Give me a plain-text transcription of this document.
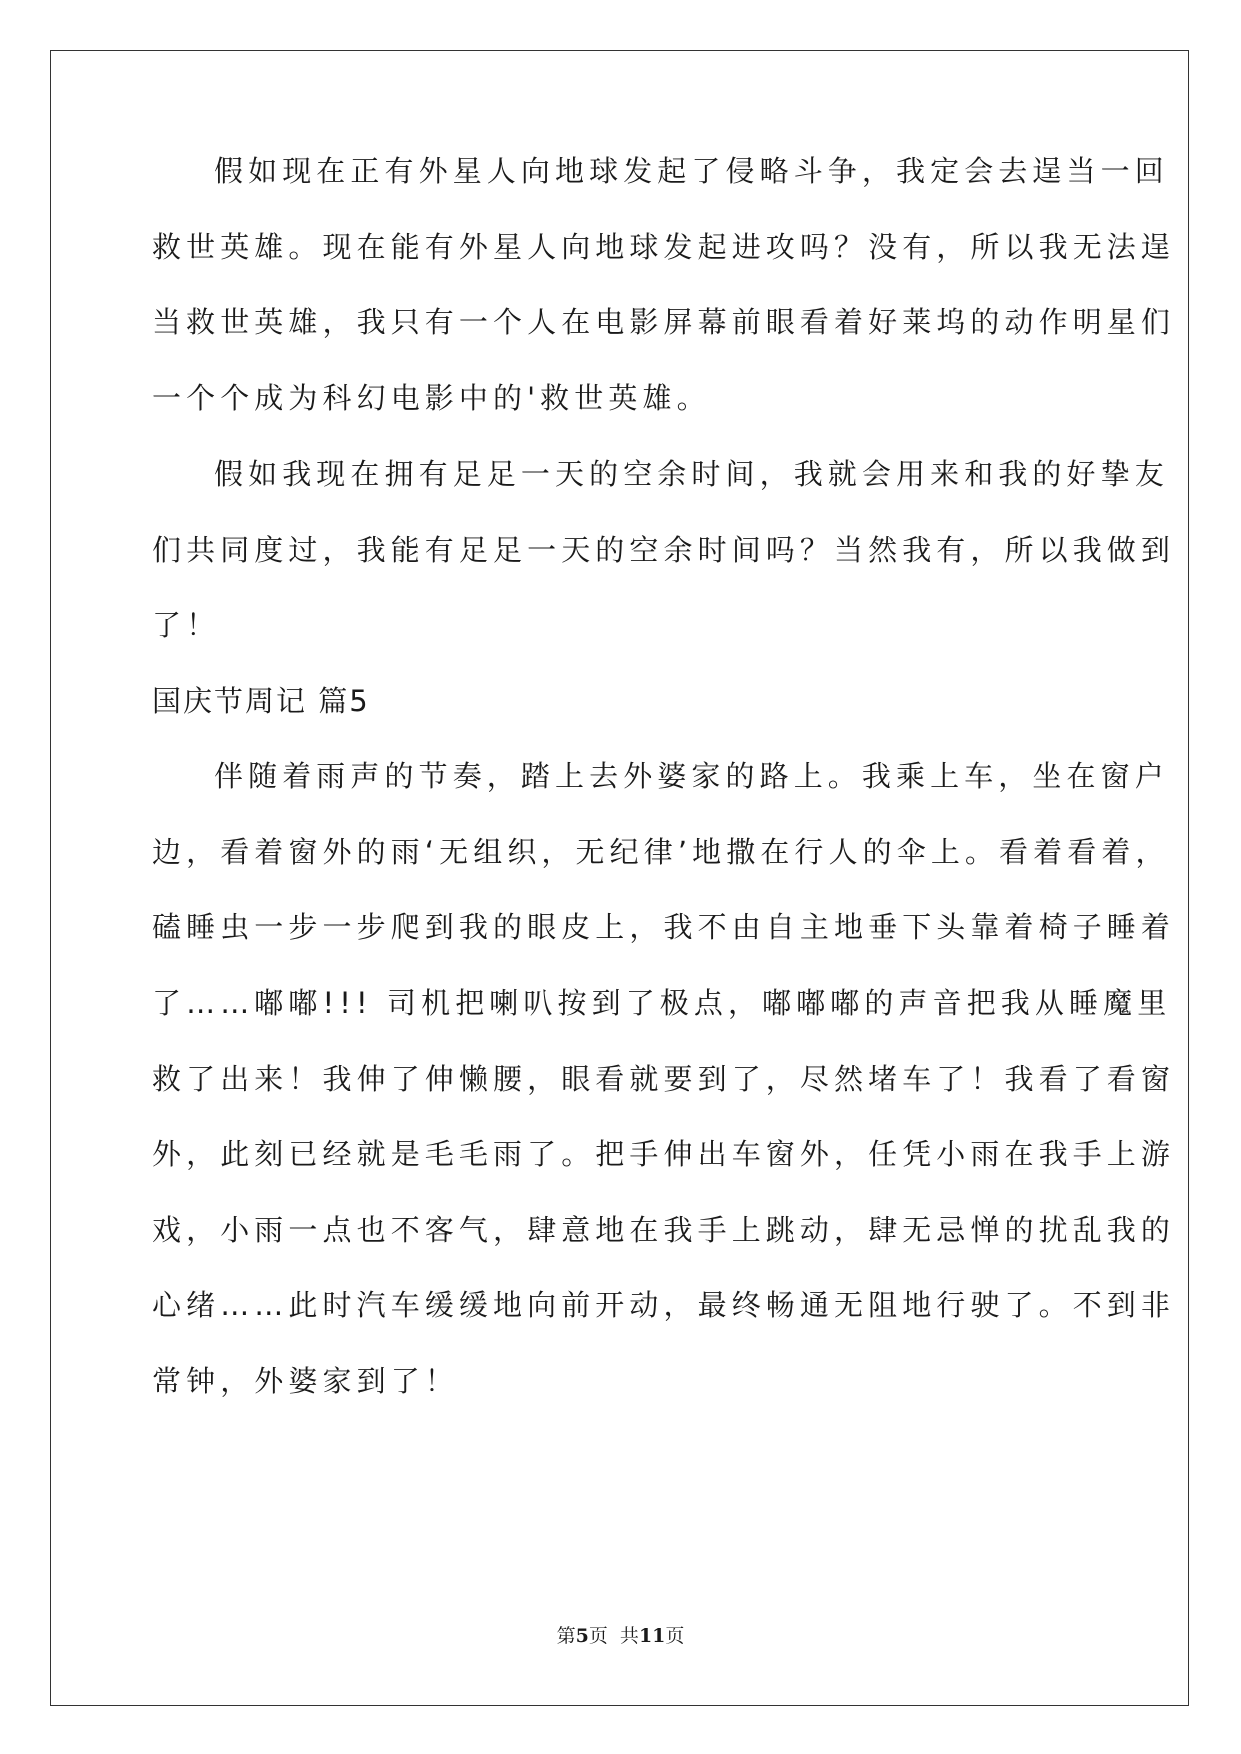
假如现在正有外星人向地球发起了侵略斗争，我定会去逞当一回
救世英雄。现在能有外星人向地球发起进攻吗？没有，所以我无法逞
当救世英雄，我只有一个人在电影屏幕前眼看着好莱坞的动作明星们
一个个成为科幻电影中的'救世英雄。
假如我现在拥有足足一天的空余时间，我就会用来和我的好挚友
们共同度过，我能有足足一天的空余时间吗？当然我有，所以我做到
了！
国庆节周记 篇5
伴随着雨声的节奏，踏上去外婆家的路上。我乘上车，坐在窗户
边，看着窗外的雨‘无组织，无纪律’地撒在行人的伞上。看着看着，
磕睡虫一步一步爬到我的眼皮上，我不由自主地垂下头靠着椅子睡着
了……嘟嘟!!! 司机把喇叭按到了极点，嘟嘟嘟的声音把我从睡魔里
救了出来！我伸了伸懒腰，眼看就要到了，尽然堵车了！我看了看窗
外，此刻已经就是毛毛雨了。把手伸出车窗外，任凭小雨在我手上游
戏，小雨一点也不客气，肆意地在我手上跳动，肆无忌惮的扰乱我的
心绪……此时汽车缓缓地向前开动，最终畅通无阻地行驶了。不到非
常钟，外婆家到了！
第5页  共11页
